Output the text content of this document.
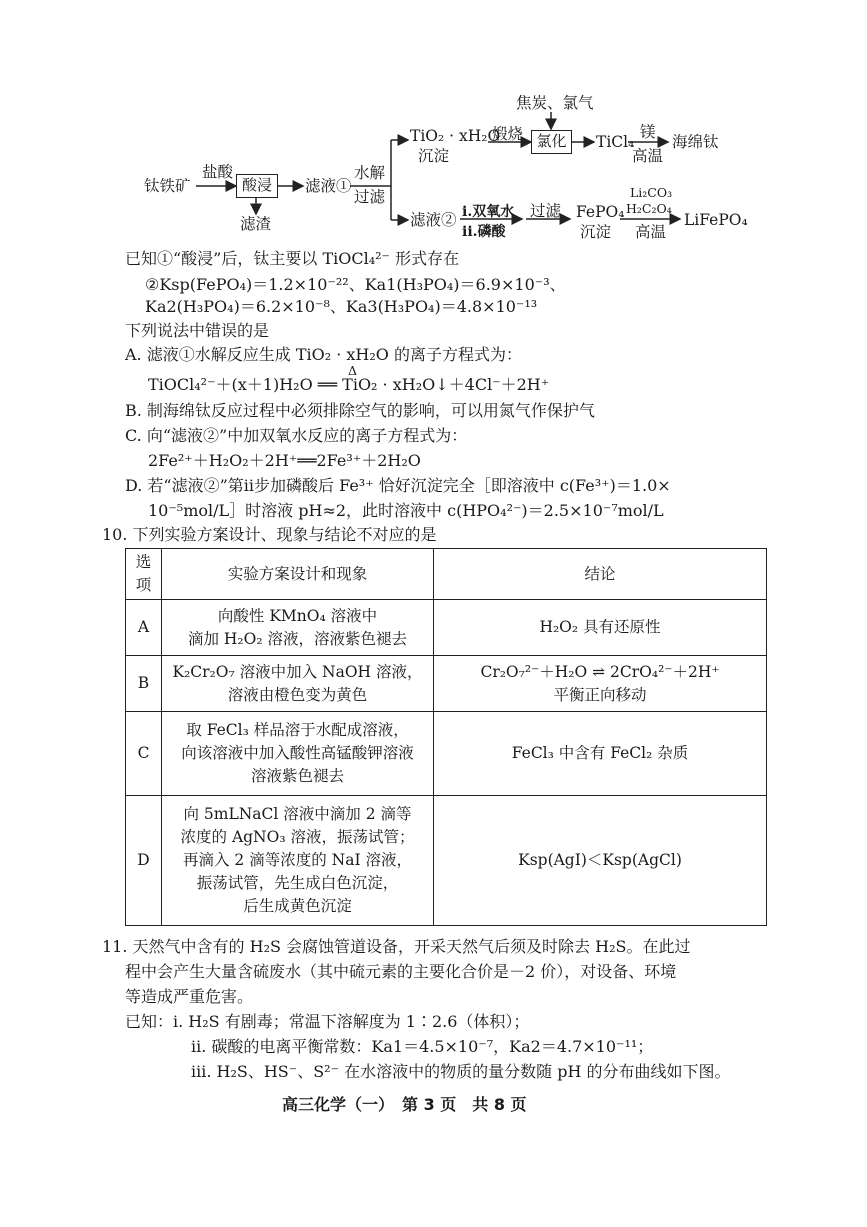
钛铁矿
盐酸
酸浸
滤渣
滤液①
水解
过滤
TiO₂ · xH₂O
沉淀
煅烧
焦炭、氯气
氯化	TiCl₄
镁
高温
海绵钛
滤液② i.双氧水
ii.磷酸
过滤 FePO₄
沉淀
Li₂CO₃
H₂C₂O₄
高温
LiFePO₄
已知①“酸浸”后，钛主要以 TiOCl₄²⁻ 形式存在
②Ksp(FePO₄)＝1.2×10⁻²²、Ka1(H₃PO₄)＝6.9×10⁻³、
Ka2(H₃PO₄)＝6.2×10⁻⁸、Ka3(H₃PO₄)＝4.8×10⁻¹³
下列说法中错误的是
A. 滤液①水解反应生成 TiO₂ · xH₂O 的离子方程式为：
TiOCl₄²⁻＋(x＋1)H₂O ══ TiO₂ · xH₂O↓＋4Cl⁻＋2H⁺
Δ
B. 制海绵钛反应过程中必须排除空气的影响，可以用氮气作保护气
C. 向“滤液②”中加双氧水反应的离子方程式为：
2Fe²⁺＋H₂O₂＋2H⁺══2Fe³⁺＋2H₂O
D. 若“滤液②”第ⅱ步加磷酸后 Fe³⁺ 恰好沉淀完全［即溶液中 c(Fe³⁺)＝1.0×
10⁻⁵mol/L］时溶液 pH≈2，此时溶液中 c(HPO₄²⁻)＝2.5×10⁻⁷mol/L
10. 下列实验方案设计、现象与结论不对应的是
选项	实验方案设计和现象	结论
A	向酸性 KMnO₄ 溶液中
滴加 H₂O₂ 溶液，溶液紫色褪去	H₂O₂ 具有还原性
B	K₂Cr₂O₇ 溶液中加入 NaOH 溶液，
溶液由橙色变为黄色	Cr₂O₇²⁻＋H₂O ⇌ 2CrO₄²⁻＋2H⁺
平衡正向移动
C	取 FeCl₃ 样品溶于水配成溶液，
向该溶液中加入酸性高锰酸钾溶液
溶液紫色褪去	FeCl₃ 中含有 FeCl₂ 杂质
D	向 5mLNaCl 溶液中滴加 2 滴等
浓度的 AgNO₃ 溶液，振荡试管；
再滴入 2 滴等浓度的 NaI 溶液，
振荡试管，先生成白色沉淀，
后生成黄色沉淀	Ksp(AgI)＜Ksp(AgCl)
11. 天然气中含有的 H₂S 会腐蚀管道设备，开采天然气后须及时除去 H₂S。在此过
程中会产生大量含硫废水（其中硫元素的主要化合价是－2 价），对设备、环境
等造成严重危害。
已知：ⅰ. H₂S 有剧毒；常温下溶解度为 1∶2.6（体积）；
ⅱ. 碳酸的电离平衡常数：Ka1＝4.5×10⁻⁷，Ka2＝4.7×10⁻¹¹；
ⅲ. H₂S、HS⁻、S²⁻ 在水溶液中的物质的量分数随 pH 的分布曲线如下图。
高三化学（一）　第 3 页　共 8 页
